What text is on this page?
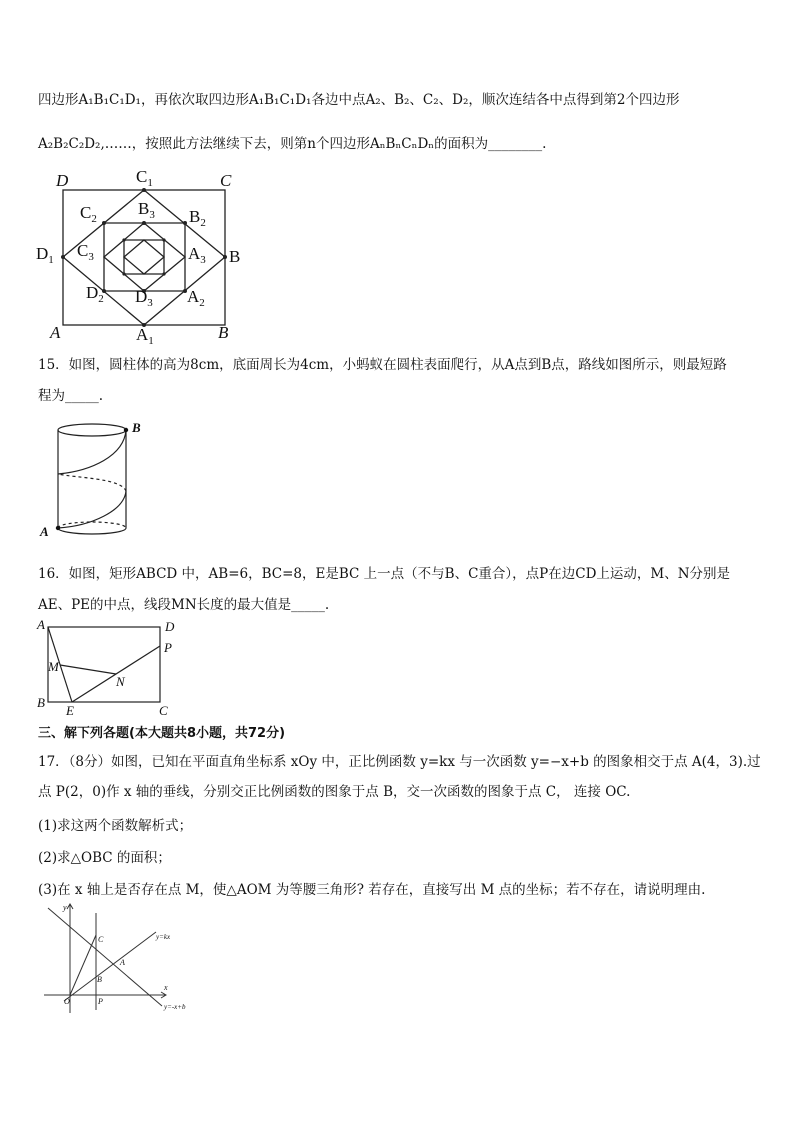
四边形A₁B₁C₁D₁，再依次取四边形A₁B₁C₁D₁各边中点A₂、B₂、C₂、D₂，顺次连结各中点得到第2个四边形
A₂B₂C₂D₂,……，按照此方法继续下去，则第n个四边形AₙBₙCₙDₙ的面积为________.
D	$C_1$	C
$C_2$
$B_3$ $B_2$
$D_1$ $C_3$	$A_3$ B
$D_2$ $D_3$ $A_2$
A	$A_1$	B
15．如图，圆柱体的高为8cm，底面周长为4cm，小蚂蚁在圆柱表面爬行，从A点到B点，路线如图所示，则最短路
程为_____.
B
A
16．如图，矩形ABCD 中，AB=6，BC=8，E是BC 上一点（不与B、C重合），点P在边CD上运动，M、N分别是
AE、PE的中点，线段MN长度的最大值是_____.
A	D
P
M
N
B
E	C
三、解下列各题(本大题共8小题，共72分)
17．（8分）如图，已知在平面直角坐标系 xOy 中，正比例函数 y=kx 与一次函数 y=−x+b 的图象相交于点 A(4，3).过
点 P(2，0)作 x 轴的垂线，分别交正比例函数的图象于点 B，交一次函数的图象于点 C， 连接 OC.
(1)求这两个函数解析式；
(2)求△OBC 的面积；
(3)在 x 轴上是否存在点 M，使△AOM 为等腰三角形? 若存在，直接写出 M 点的坐标；若不存在，请说明理由.
y
x
C
A
B
O	P
y=kx
y=-x+b
